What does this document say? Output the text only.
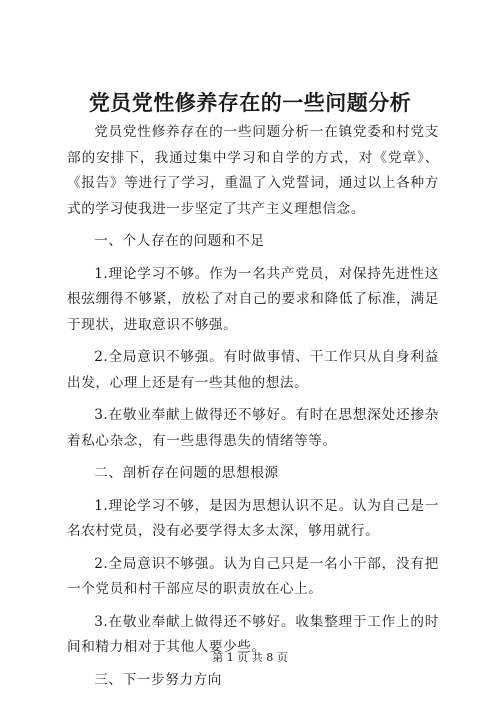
党员党性修养存在的一些问题分析

党员党性修养存在的一些问题分析一在镇党委和村党支部的安排下，我通过集中学习和自学的方式，对《党章》、《报告》等进行了学习，重温了入党誓词，通过以上各种方式的学习使我进一步坚定了共产主义理想信念。

一、个人存在的问题和不足

1.理论学习不够。作为一名共产党员，对保持先进性这根弦绷得不够紧，放松了对自己的要求和降低了标准，满足于现状，进取意识不够强。

2.全局意识不够强。有时做事情、干工作只从自身利益出发，心理上还是有一些其他的想法。

3.在敬业奉献上做得还不够好。有时在思想深处还掺杂着私心杂念，有一些患得患失的情绪等等。

二、剖析存在问题的思想根源

1.理论学习不够，是因为思想认识不足。认为自己是一名农村党员，没有必要学得太多太深，够用就行。

2.全局意识不够强。认为自己只是一名小干部，没有把一个党员和村干部应尽的职责放在心上。

3.在敬业奉献上做得还不够好。收集整理于工作上的时间和精力相对于其他人要少些。

三、下一步努力方向

第 1 页 共 8 页
